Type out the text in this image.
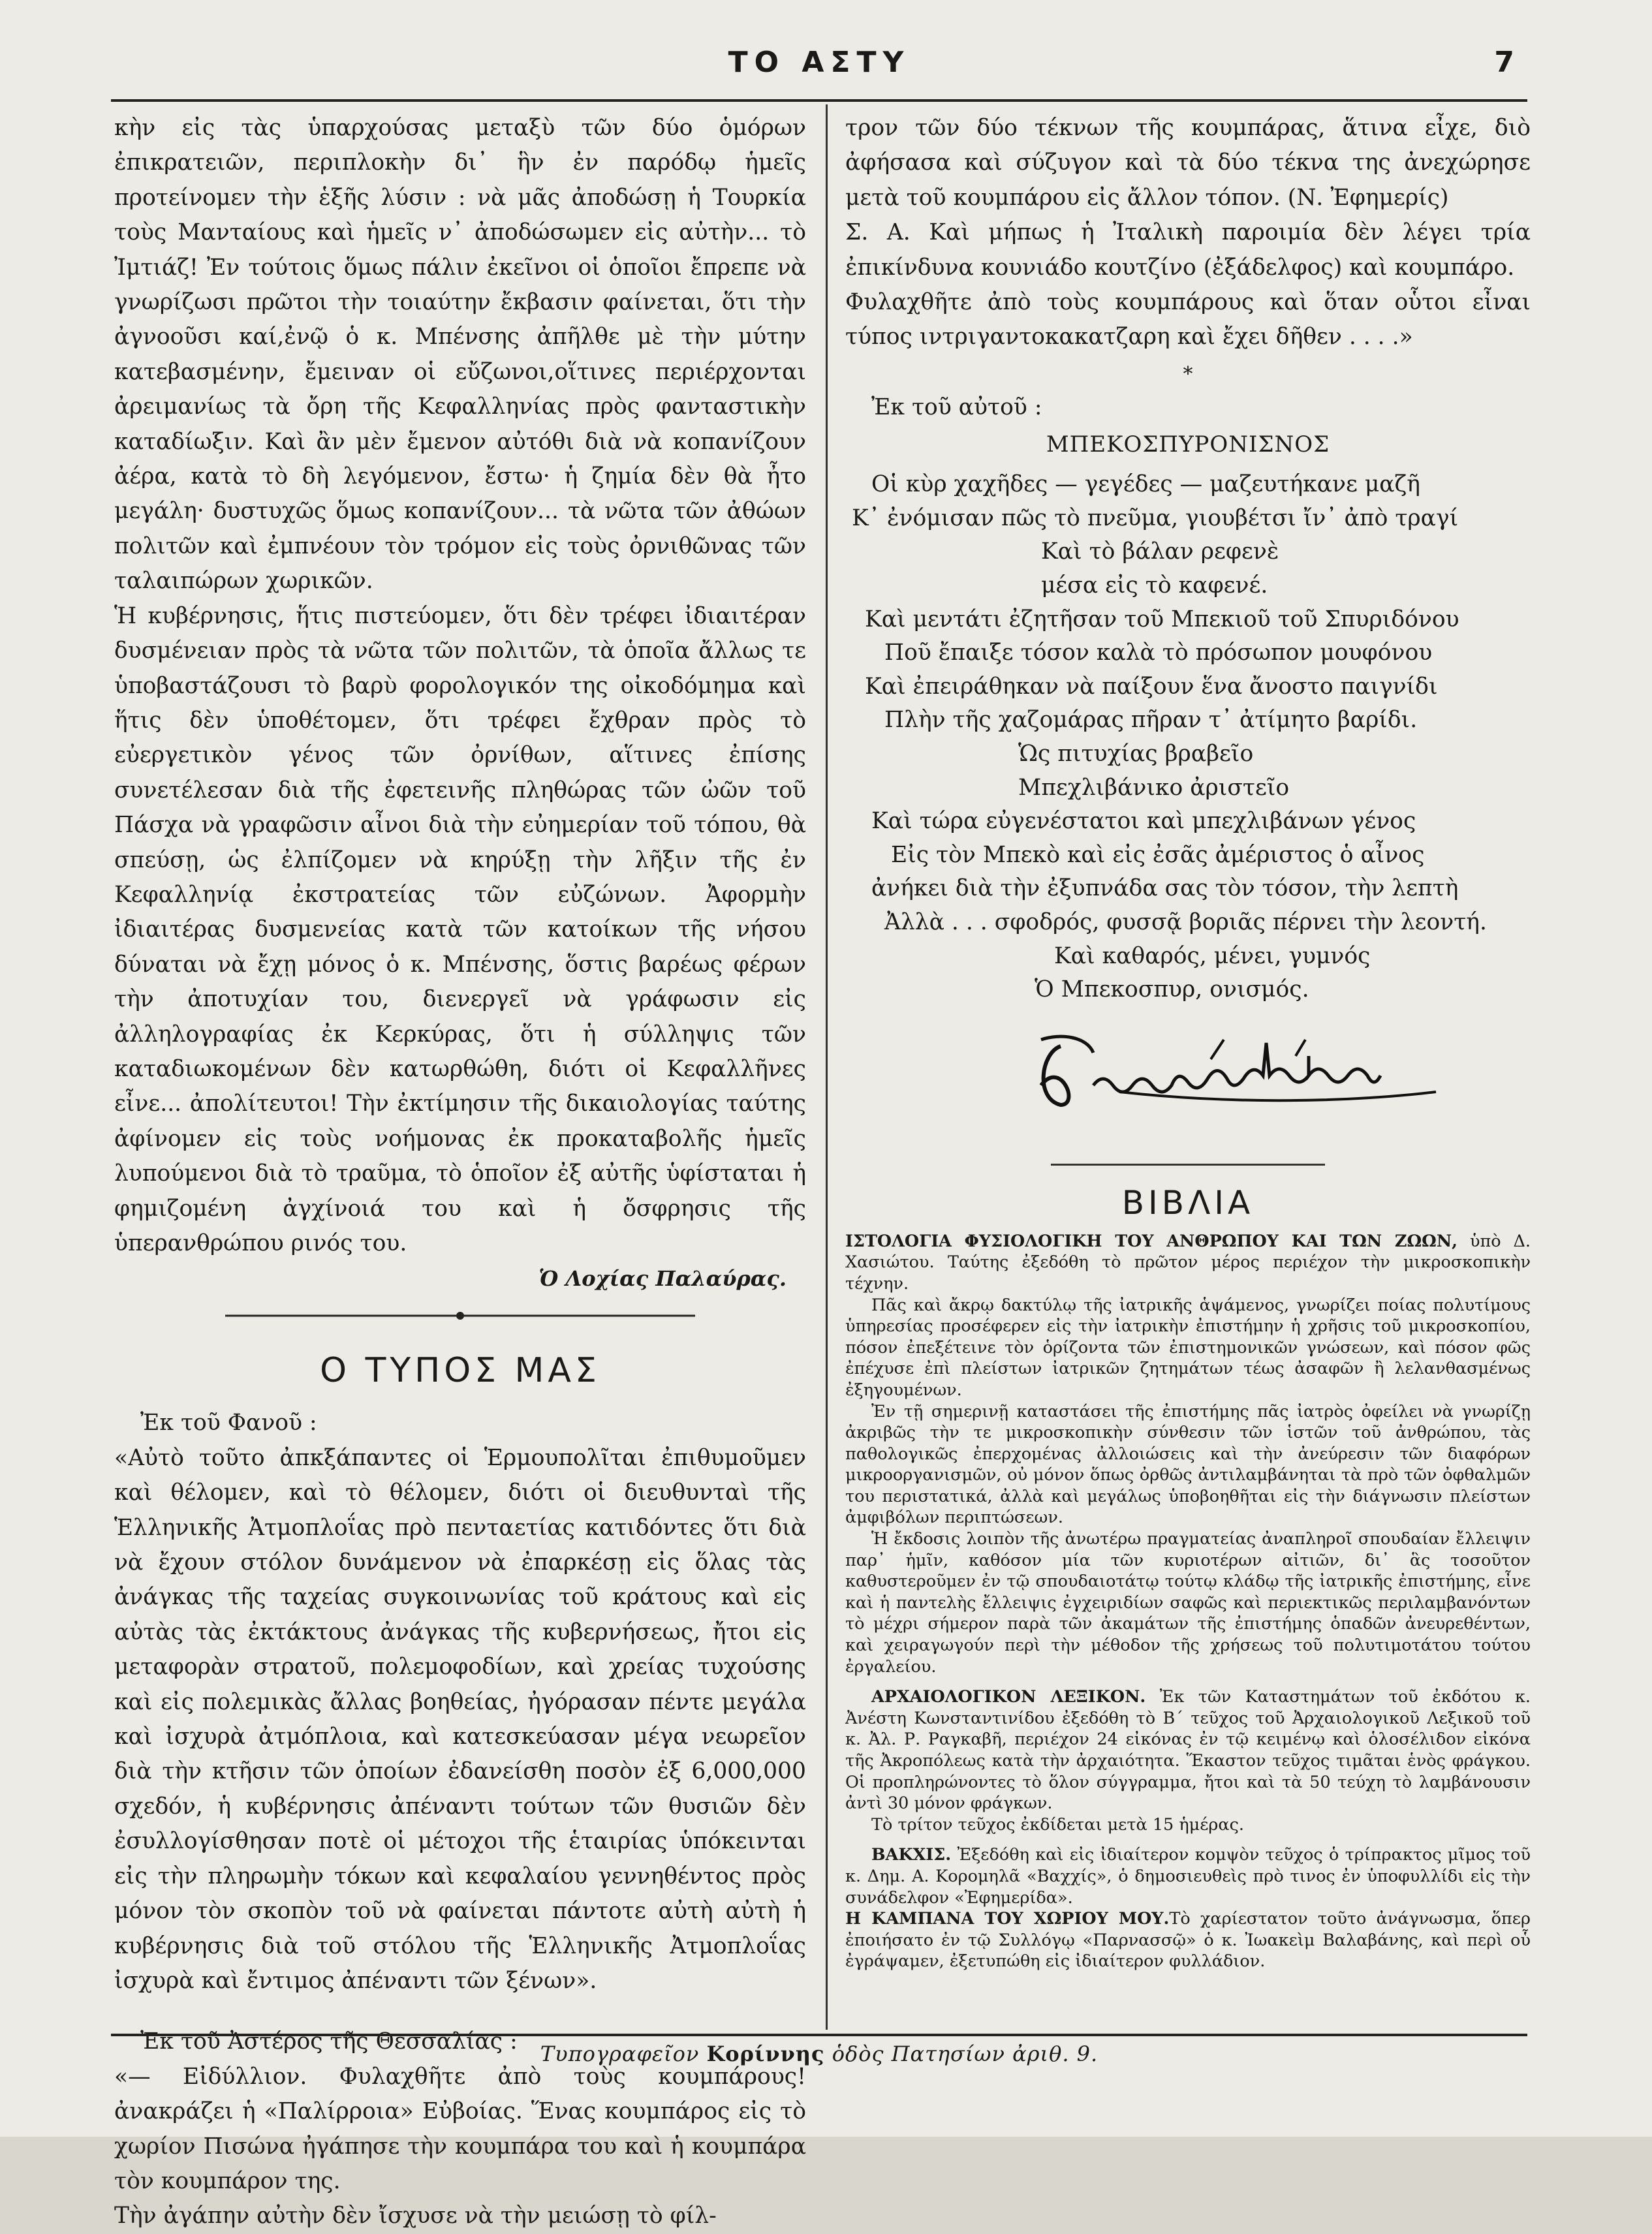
ΤΟ ΑΣΤΥ	7

κὴν εἰς τὰς ὑπαρχούσας μεταξὺ τῶν δύο ὁμόρων ἐπικρατειῶν, περιπλοκὴν δι᾽ ἣν ἐν παρόδῳ ἡμεῖς προτείνομεν τὴν ἑξῆς λύσιν : νὰ μᾶς ἀποδώσῃ ἡ Τουρκία τοὺς Μανταίους καὶ ἡμεῖς ν᾽ ἀποδώσωμεν εἰς αὐτὴν... τὸ Ἰμτιάζ! Ἐν τούτοις ὅμως πάλιν ἐκεῖνοι οἱ ὁποῖοι ἔπρεπε νὰ γνωρίζωσι πρῶτοι τὴν τοιαύτην ἔκβασιν φαίνεται, ὅτι τὴν ἀγνοοῦσι καί,ἐνῷ ὁ κ. Μπένσης ἀπῆλθε μὲ τὴν μύτην κατεβασμένην, ἔμειναν οἱ εὔζωνοι,οἵτινες περιέρχονται ἀρειμανίως τὰ ὄρη τῆς Κεφαλληνίας πρὸς φανταστικὴν καταδίωξιν. Καὶ ἂν μὲν ἔμενον αὐτόθι διὰ νὰ κοπανίζουν ἀέρα, κατὰ τὸ δὴ λεγόμενον, ἔστω· ἡ ζημία δὲν θὰ ἦτο μεγάλη· δυστυχῶς ὅμως κοπανίζουν... τὰ νῶτα τῶν ἀθώων πολιτῶν καὶ ἐμπνέουν τὸν τρόμον εἰς τοὺς ὀρνιθῶνας τῶν ταλαιπώρων χωρικῶν.

Ἡ κυβέρνησις, ἥτις πιστεύομεν, ὅτι δὲν τρέφει ἰδιαιτέραν δυσμένειαν πρὸς τὰ νῶτα τῶν πολιτῶν, τὰ ὁποῖα ἄλλως τε ὑποβαστάζουσι τὸ βαρὺ φορολογικόν της οἰκοδόμημα καὶ ἥτις δὲν ὑποθέτομεν, ὅτι τρέφει ἔχθραν πρὸς τὸ εὐεργετικὸν γένος τῶν ὀρνίθων, αἵτινες ἐπίσης συνετέλεσαν διὰ τῆς ἐφετεινῆς πληθώρας τῶν ὠῶν τοῦ Πάσχα νὰ γραφῶσιν αἶνοι διὰ τὴν εὐημερίαν τοῦ τόπου, θὰ σπεύσῃ, ὡς ἐλπίζομεν νὰ κηρύξῃ τὴν λῆξιν τῆς ἐν Κεφαλληνίᾳ ἐκστρατείας τῶν εὐζώνων. Ἀφορμὴν ἰδιαιτέρας δυσμενείας κατὰ τῶν κατοίκων τῆς νήσου δύναται νὰ ἔχῃ μόνος ὁ κ. Μπένσης, ὅστις βαρέως φέρων τὴν ἀποτυχίαν του, διενεργεῖ νὰ γράφωσιν εἰς ἀλληλογραφίας ἐκ Κερκύρας, ὅτι ἡ σύλληψις τῶν καταδιωκομένων δὲν κατωρθώθη, διότι οἱ Κεφαλλῆνες εἶνε... ἀπολίτευτοι! Τὴν ἐκτίμησιν τῆς δικαιολογίας ταύτης ἀφίνομεν εἰς τοὺς νοήμονας ἐκ προκαταβολῆς ἡμεῖς λυπούμενοι διὰ τὸ τραῦμα, τὸ ὁποῖον ἐξ αὐτῆς ὑφίσταται ἡ φημιζομένη ἀγχίνοιά του καὶ ἡ ὄσφρησις τῆς ὑπερανθρώπου ρινός του.

Ὁ Λοχίας Παλαύρας.

Ο ΤΥΠΟΣ ΜΑΣ

Ἐκ τοῦ Φανοῦ :

«Αὐτὸ τοῦτο ἀπκξάπαντες οἱ Ἑρμουπολῖται ἐπιθυμοῦμεν καὶ θέλομεν, καὶ τὸ θέλομεν, διότι οἱ διευθυνταὶ τῆς Ἑλληνικῆς Ἀτμοπλοΐας πρὸ πενταετίας κατιδόντες ὅτι διὰ νὰ ἔχουν στόλον δυνάμενον νὰ ἐπαρκέσῃ εἰς ὅλας τὰς ἀνάγκας τῆς ταχείας συγκοινωνίας τοῦ κράτους καὶ εἰς αὐτὰς τὰς ἐκτάκτους ἀνάγκας τῆς κυβερνήσεως, ἤτοι εἰς μεταφορὰν στρατοῦ, πολεμοφοδίων, καὶ χρείας τυχούσης καὶ εἰς πολεμικὰς ἄλλας βοηθείας, ἠγόρασαν πέντε μεγάλα καὶ ἰσχυρὰ ἀτμόπλοια, καὶ κατεσκεύασαν μέγα νεωρεῖον διὰ τὴν κτῆσιν τῶν ὁποίων ἐδανείσθη ποσὸν ἐξ 6,000,000 σχεδόν, ἡ κυβέρνησις ἀπέναντι τούτων τῶν θυσιῶν δὲν ἐσυλλογίσθησαν ποτὲ οἱ μέτοχοι τῆς ἑταιρίας ὑπόκεινται εἰς τὴν πληρωμὴν τόκων καὶ κεφαλαίου γεννηθέντος πρὸς μόνον τὸν σκοπὸν τοῦ νὰ φαίνεται πάντοτε αὐτὴ αὐτὴ ἡ κυβέρνησις διὰ τοῦ στόλου τῆς Ἑλληνικῆς Ἀτμοπλοΐας ἰσχυρὰ καὶ ἔντιμος ἀπέναντι τῶν ξένων».

Ἐκ τοῦ Ἀστέρος τῆς Θεσσαλίας :

«— Εἰδύλλιον. Φυλαχθῆτε ἀπὸ τοὺς κουμπάρους! ἀνακράζει ἡ «Παλίρροια» Εὐβοίας. Ἕνας κουμπάρος εἰς τὸ χωρίον Πισώνα ἠγάπησε τὴν κουμπάρα του καὶ ἡ κουμπάρα τὸν κουμπάρον της.

Τὴν ἀγάπην αὐτὴν δὲν ἴσχυσε νὰ τὴν μειώσῃ τὸ φίλ-

τρον τῶν δύο τέκνων τῆς κουμπάρας, ἅτινα εἶχε, διὸ ἀφήσασα καὶ σύζυγον καὶ τὰ δύο τέκνα της ἀνεχώρησε μετὰ τοῦ κουμπάρου εἰς ἄλλον τόπον. (Ν. Ἐφημερίς)

Σ. Α. Καὶ μήπως ἡ Ἰταλικὴ παροιμία δὲν λέγει τρία ἐπικίνδυνα κουνιάδο κουτζίνο (ἐξάδελφος) καὶ κουμπάρο.

Φυλαχθῆτε ἀπὸ τοὺς κουμπάρους καὶ ὅταν οὗτοι εἶναι τύπος ιντριγαντοκακατζαρη καὶ ἔχει δῆθεν . . . .»

*

Ἐκ τοῦ αὐτοῦ :

ΜΠΕΚΟΣΠΥΡΟΝΙΣΝΟΣ

Οἱ κὺρ χαχῆδες — γεγέδες — μαζευτήκανε μαζῆ

Κ᾽ ἐνόμισαν πῶς τὸ πνεῦμα, γιουβέτσι ἴν᾽ ἀπὸ τραγί

Καὶ τὸ βάλαν ρεφενὲ

μέσα εἰς τὸ καφενέ.

Καὶ μεντάτι ἐζητῆσαν τοῦ Μπεκιοῦ τοῦ Σπυριδόνου

Ποῦ ἔπαιξε τόσον καλὰ τὸ πρόσωπον μουφόνου

Καὶ ἐπειράθηκαν νὰ παίξουν ἕνα ἄνοστο παιγνίδι

Πλὴν τῆς χαζομάρας πῆραν τ᾽ ἀτίμητο βαρίδι.

Ὡς πιτυχίας βραβεῖο

Μπεχλιβάνικο ἀριστεῖο

Καὶ τώρα εὐγενέστατοι καὶ μπεχλιβάνων γένος

Εἰς τὸν Μπεκὸ καὶ εἰς ἐσᾶς ἀμέριστος ὁ αἶνος

ἀνήκει διὰ τὴν ἐξυπνάδα σας τὸν τόσον, τὴν λεπτὴ

Ἀλλὰ . . . σφοδρός, φυσσᾷ βοριᾶς πέρνει τὴν λεοντή.

Καὶ καθαρός, μένει, γυμνός

Ὁ Μπεκοσπυρ, ονισμός.

ΒΙΒΛΙΑ

ΙΣΤΟΛΟΓΙΑ ΦΥΣΙΟΛΟΓΙΚΗ ΤΟΥ ΑΝΘΡΩΠΟΥ ΚΑΙ ΤΩΝ ΖΩΩΝ, ὑπὸ Δ. Χασιώτου. Ταύτης ἐξεδόθη τὸ πρῶτον μέρος περιέχον τὴν μικροσκοπικὴν τέχνην.

Πᾶς καὶ ἄκρῳ δακτύλῳ τῆς ἰατρικῆς ἁψάμενος, γνωρίζει ποίας πολυτίμους ὑπηρεσίας προσέφερεν εἰς τὴν ἰατρικὴν ἐπιστήμην ἡ χρῆσις τοῦ μικροσκοπίου, πόσον ἐπεξέτεινε τὸν ὁρίζοντα τῶν ἐπιστημονικῶν γνώσεων, καὶ πόσον φῶς ἐπέχυσε ἐπὶ πλείστων ἰατρικῶν ζητημάτων τέως ἀσαφῶν ἢ λελανθασμένως ἐξηγουμένων.

Ἐν τῇ σημερινῇ καταστάσει τῆς ἐπιστήμης πᾶς ἰατρὸς ὀφείλει νὰ γνωρίζῃ ἀκριβῶς τὴν τε μικροσκοπικὴν σύνθεσιν τῶν ἱστῶν τοῦ ἀνθρώπου, τὰς παθολογικῶς ἐπερχομένας ἀλλοιώσεις καὶ τὴν ἀνεύρεσιν τῶν διαφόρων μικροοργανισμῶν, οὐ μόνον ὅπως ὀρθῶς ἀντιλαμβάνηται τὰ πρὸ τῶν ὀφθαλμῶν του περιστατικά, ἀλλὰ καὶ μεγάλως ὑποβοηθῆται εἰς τὴν διάγνωσιν πλείστων ἀμφιβόλων περιπτώσεων.

Ἡ ἔκδοσις λοιπὸν τῆς ἀνωτέρω πραγματείας ἀναπληροῖ σπουδαίαν ἔλλειψιν παρ᾽ ἡμῖν, καθόσον μία τῶν κυριοτέρων αἰτιῶν, δι᾽ ἃς τοσοῦτον καθυστεροῦμεν ἐν τῷ σπουδαιοτάτῳ τούτῳ κλάδῳ τῆς ἰατρικῆς ἐπιστήμης, εἶνε καὶ ἡ παντελὴς ἔλλειψις ἐγχειριδίων σαφῶς καὶ περιεκτικῶς περιλαμβανόντων τὸ μέχρι σήμερον παρὰ τῶν ἀκαμάτων τῆς ἐπιστήμης ὁπαδῶν ἀνευρεθέντων, καὶ χειραγωγούν περὶ τὴν μέθοδον τῆς χρήσεως τοῦ πολυτιμοτάτου τούτου ἐργαλείου.

ΑΡΧΑΙΟΛΟΓΙΚΟΝ ΛΕΞΙΚΟΝ. Ἐκ τῶν Καταστημάτων τοῦ ἐκδότου κ. Ἀνέστη Κωνσταντινίδου ἐξεδόθη τὸ Β΄ τεῦχος τοῦ Ἀρχαιολογικοῦ Λεξικοῦ τοῦ κ. Ἀλ. Ρ. Ραγκαβῆ, περιέχον 24 εἰκόνας ἐν τῷ κειμένῳ καὶ ὁλοσέλιδον εἰκόνα τῆς Ἀκροπόλεως κατὰ τὴν ἀρχαιότητα. Ἕκαστον τεῦχος τιμᾶται ἑνὸς φράγκου. Οἱ προπληρώνοντες τὸ ὅλον σύγγραμμα, ἤτοι καὶ τὰ 50 τεύχη τὸ λαμβάνουσιν ἀντὶ 30 μόνον φράγκων.

Τὸ τρίτον τεῦχος ἐκδίδεται μετὰ 15 ἡμέρας.

ΒΑΚΧΙΣ. Ἐξεδόθη καὶ εἰς ἰδιαίτερον κομψὸν τεῦχος ὁ τρίπρακτος μῖμος τοῦ κ. Δημ. Α. Κορομηλᾶ «Βαχχίς», ὁ δημοσιευθεὶς πρὸ τινος ἐν ὑποφυλλίδι εἰς τὴν συνάδελφον «Ἐφημερίδα».

Η ΚΑΜΠΑΝΑ ΤΟΥ ΧΩΡΙΟΥ ΜΟΥ.Τὸ χαρίεστατον τοῦτο ἀνάγνωσμα, ὅπερ ἐποιήσατο ἐν τῷ Συλλόγῳ «Παρνασσῷ» ὁ κ. Ἰωακεὶμ Βαλαβάνης, καὶ περὶ οὗ ἐγράψαμεν, ἐξετυπώθη εἰς ἰδιαίτερον φυλλάδιον.

Τυπογραφεῖον Κορίννης ὁδὸς Πατησίων ἀριθ. 9.
